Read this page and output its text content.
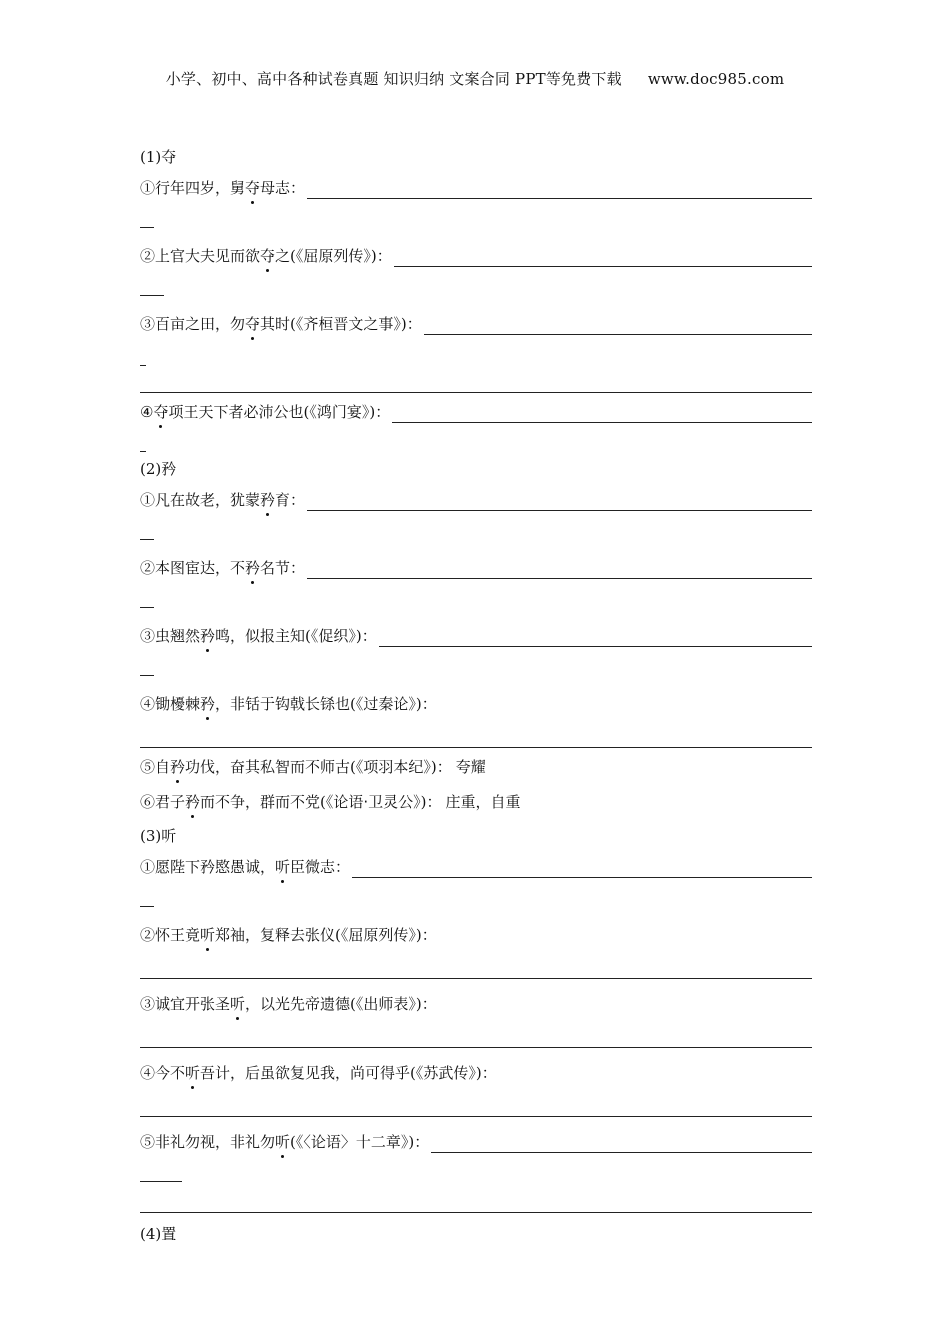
小学、初中、高中各种试卷真题 知识归纳 文案合同 PPT等免费下载 www.doc985.com
(1)夺
①行年四岁，舅夺母志：
②上官大夫见而欲夺之(《屈原列传》)：
③百亩之田，勿夺其时(《齐桓晋文之事》)：
④夺项王天下者必沛公也(《鸿门宴》)：
(2)矜
①凡在故老，犹蒙矜育：
②本图宦达，不矜名节：
③虫翘然矜鸣，似报主知(《促织》)：
④锄櫌棘矜，非铦于钩戟长铩也(《过秦论》)：
⑤自矜功伐，奋其私智而不师古(《项羽本纪》)： 夸耀
⑥君子矜而不争，群而不党(《论语·卫灵公》)： 庄重，自重
(3)听
①愿陛下矜愍愚诚，听臣微志：
②怀王竟听郑袖，复释去张仪(《屈原列传》)：
③诚宜开张圣听，以光先帝遗德(《出师表》)：
④今不听吾计，后虽欲复见我，尚可得乎(《苏武传》)：
⑤非礼勿视，非礼勿听(《〈论语〉十二章》)：
(4)置
